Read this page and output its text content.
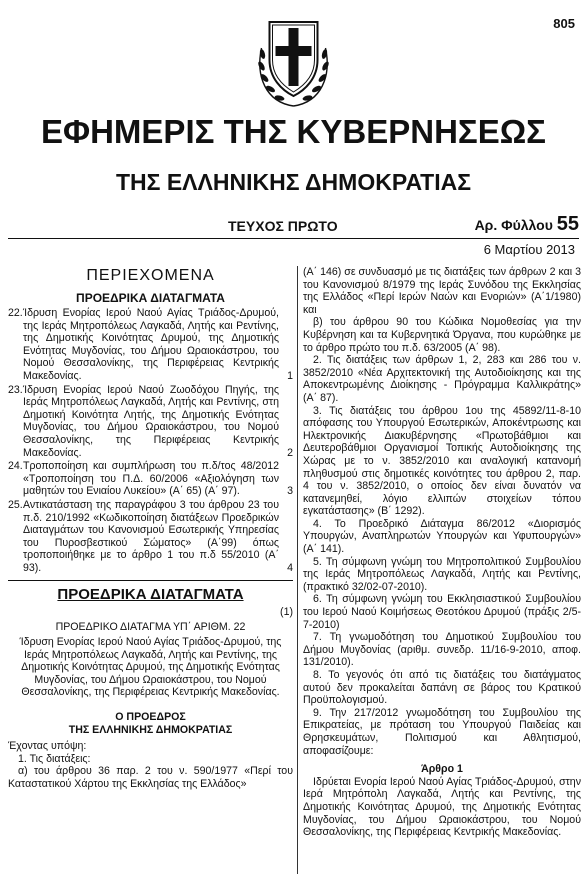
805
ΕΦΗΜΕΡΙΣ ΤΗΣ ΚΥΒΕΡΝΗΣΕΩΣ
ΤΗΣ ΕΛΛΗΝΙΚΗΣ ΔΗΜΟΚΡΑΤΙΑΣ
ΤΕΥΧΟΣ ΠΡΩΤΟ	Αρ. Φύλλου 55
6 Μαρτίου 2013
ΠΕΡΙΕΧΟΜΕΝΑ
ΠΡΟΕΔΡΙΚΑ ΔΙΑΤΑΓΜΑΤΑ
22. Ίδρυση Ενορίας Ιερού Ναού Αγίας Τριάδος-Δρυμού, της Ιεράς Μητροπόλεως Λαγκαδά, Λητής και Ρεντίνης, της Δημοτικής Κοινότητας Δρυμού, της Δημοτικής Ενότητας Μυγδονίας, του Δήμου Ωραιοκάστρου, του Νομού Θεσσαλονίκης, της Περιφέρειας Κεντρικής Μακεδονίας.	1
23. Ίδρυση Ενορίας Ιερού Ναού Ζωοδόχου Πηγής, της Ιεράς Μητροπόλεως Λαγκαδά, Λητής και Ρεντίνης, στη Δημοτική Κοινότητα Λητής, της Δημοτικής Ενότητας Μυγδονίας, του Δήμου Ωραιοκάστρου, του Νομού Θεσσαλονίκης, της Περιφέρειας Κεντρικής Μακεδονίας.	2
24. Τροποποίηση και συμπλήρωση του π.δ/τος 48/2012 «Τροποποίηση του Π.Δ. 60/2006 «Αξιολόγηση των μαθητών του Ενιαίου Λυκείου» (Α΄ 65) (Α΄ 97).	3
25. Αντικατάσταση της παραγράφου 3 του άρθρου 23 του π.δ. 210/1992 «Κωδικοποίηση διατάξεων Προεδρικών Διαταγμάτων του Κανονισμού Εσωτερικής Υπηρεσίας του Πυροσβεστικού Σώματος» (Α΄99) όπως τροποποιήθηκε με το άρθρο 1 του π.δ 55/2010 (Α΄ 93).	4
ΠΡΟΕΔΡΙΚΑ ΔΙΑΤΑΓΜΑΤΑ
(1)
ΠΡΟΕΔΡΙΚΟ ΔΙΑΤΑΓΜΑ ΥΠ΄ ΑΡΙΘΜ. 22
Ίδρυση Ενορίας Ιερού Ναού Αγίας Τριάδος-Δρυμού, της Ιεράς Μητροπόλεως Λαγκαδά, Λητής και Ρεντίνης, της Δημοτικής Κοινότητας Δρυμού, της Δημοτικής Ενότητας Μυγδονίας, του Δήμου Ωραιοκάστρου, του Νομού Θεσσαλονίκης, της Περιφέρειας Κεντρικής Μακεδονίας.
Ο ΠΡΟΕΔΡΟΣ
ΤΗΣ ΕΛΛΗΝΙΚΗΣ ΔΗΜΟΚΡΑΤΙΑΣ
Έχοντας υπόψη:
1. Τις διατάξεις:
α) του άρθρου 36 παρ. 2 του ν. 590/1977 «Περί του Καταστατικού Χάρτου της Εκκλησίας της Ελλάδος»
(Α΄ 146) σε συνδυασμό με τις διατάξεις των άρθρων 2 και 3 του Κανονισμού 8/1979 της Ιεράς Συνόδου της Εκκλησίας της Ελλάδος «Περί Ιερών Ναών και Ενοριών» (Α΄1/1980) και
β) του άρθρου 90 του Κώδικα Νομοθεσίας για την Κυβέρνηση και τα Κυβερνητικά Όργανα, που κυρώθηκε με το άρθρο πρώτο του π.δ. 63/2005 (Α΄ 98).
2. Τις διατάξεις των άρθρων 1, 2, 283 και 286 του ν. 3852/2010 «Νέα Αρχιτεκτονική της Αυτοδιοίκησης και της Αποκεντρωμένης Διοίκησης - Πρόγραμμα Καλλικράτης» (Α΄ 87).
3. Τις διατάξεις του άρθρου 1ου της 45892/11-8-10 απόφασης του Υπουργού Εσωτερικών, Αποκέντρωσης και Ηλεκτρονικής Διακυβέρνησης «Πρωτοβάθμιοι και Δευτεροβάθμιοι Οργανισμοί Τοπικής Αυτοδιοίκησης της Χώρας με το ν. 3852/2010 και αναλογική κατανομή πληθυσμού στις δημοτικές κοινότητες του άρθρου 2, παρ. 4 του ν. 3852/2010, ο οποίος δεν είναι δυνατόν να κατανεμηθεί, λόγιο ελλιπών στοιχείων τόπου εγκατάστασης» (Β΄ 1292).
4. Το Προεδρικό Διάταγμα 86/2012 «Διορισμός Υπουργών, Αναπληρωτών Υπουργών και Υφυπουργών» (Α΄ 141).
5. Τη σύμφωνη γνώμη του Μητροπολιτικού Συμβουλίου της Ιεράς Μητροπόλεως Λαγκαδά, Λητής και Ρεντίνης, (πρακτικό 32/02-07-2010).
6. Τη σύμφωνη γνώμη του Εκκλησιαστικού Συμβουλίου του Ιερού Ναού Κοιμήσεως Θεοτόκου Δρυμού (πράξις 2/5-7-2010)
7. Τη γνωμοδότηση του Δημοτικού Συμβουλίου του Δήμου Μυγδονίας (αριθμ. συνεδρ. 11/16-9-2010, αποφ. 131/2010).
8. Το γεγονός ότι από τις διατάξεις του διατάγματος αυτού δεν προκαλείται δαπάνη σε βάρος του Κρατικού Προϋπολογισμού.
9. Την 217/2012 γνωμοδότηση του Συμβουλίου της Επικρατείας, με πρόταση του Υπουργού Παιδείας και Θρησκευμάτων, Πολιτισμού και Αθλητισμού, αποφασίζουμε:
Άρθρο 1
Ιδρύεται Ενορία Ιερού Ναού Αγίας Τριάδος-Δρυμού, στην Ιερά Μητρόπολη Λαγκαδά, Λητής και Ρεντίνης, της Δημοτικής Κοινότητας Δρυμού, της Δημοτικής Ενότητας Μυγδονίας, του Δήμου Ωραιοκάστρου, του Νομού Θεσσαλονίκης, της Περιφέρειας Κεντρικής Μακεδονίας.
